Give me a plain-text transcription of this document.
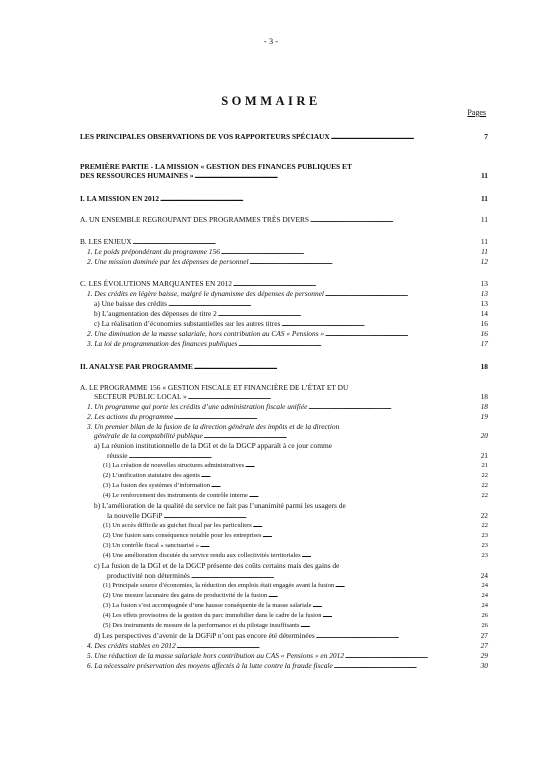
- 3 -
SOMMAIRE
Pages
LES PRINCIPALES OBSERVATIONS DE VOS RAPPORTEURS SPÉCIAUX . . .	7
PREMIÈRE PARTIE - LA MISSION « GESTION DES FINANCES PUBLIQUES ET
DES RESSOURCES HUMAINES » . . .	11
I. LA MISSION EN 2012 . . .	11
A. UN ENSEMBLE REGROUPANT DES PROGRAMMES TRÈS DIVERS . . .	11
B. LES ENJEUX . . .	11
1. Le poids prépondérant du programme 156 . . .	11
2. Une mission dominée par les dépenses de personnel . . .	12
C. LES ÉVOLUTIONS MARQUANTES EN 2012 . . .	13
1. Des crédits en légère baisse, malgré le dynamisme des dépenses de personnel . . .	13
a) Une baisse des crédits . . .	13
b) L’augmentation des dépenses de titre 2 . . .	14
c) La réalisation d’économies substantielles sur les autres titres . . .	16
2. Une diminution de la masse salariale, hors contribution au CAS « Pensions » . . .	16
3. La loi de programmation des finances publiques . . .	17
II. ANALYSE PAR PROGRAMME . . .	18
A. LE PROGRAMME 156 « GESTION FISCALE ET FINANCIÈRE DE L’ÉTAT ET DU
SECTEUR PUBLIC LOCAL » . . .	18
1. Un programme qui porte les crédits d’une administration fiscale unifiée . . .	18
2. Les actions du programme . . .	19
3. Un premier bilan de la fusion de la direction générale des impôts et de la direction
générale de la comptabilité publique . . .	20
a) La réunion institutionnelle de la DGI et de la DGCP apparaît à ce jour comme
réussie . . .	21
(1) La création de nouvelles structures administratives . . .	21
(2) L’unification statutaire des agents . . .	22
(3) La fusion des systèmes d’information . . .	22
(4) Le renforcement des instruments de contrôle interne . . .	22
b) L’amélioration de la qualité du service ne fait pas l’unanimité parmi les usagers de
la nouvelle DGFiP . . .	22
(1) Un accès difficile au guichet fiscal par les particuliers . . .	22
(2) Une fusion sans conséquence notable pour les entreprises . . .	23
(3) Un contrôle fiscal « sanctuarisé » . . .	23
(4) Une amélioration discutée du service rendu aux collectivités territoriales . . .	23
c) La fusion de la DGI et de la DGCP présente des coûts certains mais des gains de
productivité non déterminés . . .	24
(1) Principale source d’économies, la réduction des emplois était engagée avant la fusion . . .	24
(2) Une mesure lacunaire des gains de productivité de la fusion . . .	24
(3) La fusion s’est accompagnée d’une hausse conséquente de la masse salariale . . .	24
(4) Les effets provisoires de la gestion du parc immobilier dans le cadre de la fusion . . .	26
(5) Des instruments de mesure de la performance et du pilotage insuffisants . . .	26
d) Les perspectives d’avenir de la DGFiP n’ont pas encore été déterminées . . .	27
4. Des crédits stables en 2012 . . .	27
5. Une réduction de la masse salariale hors contribution au CAS « Pensions » en 2012 . . .	29
6. La nécessaire préservation des moyens affectés à la lutte contre la fraude fiscale . . .	30
